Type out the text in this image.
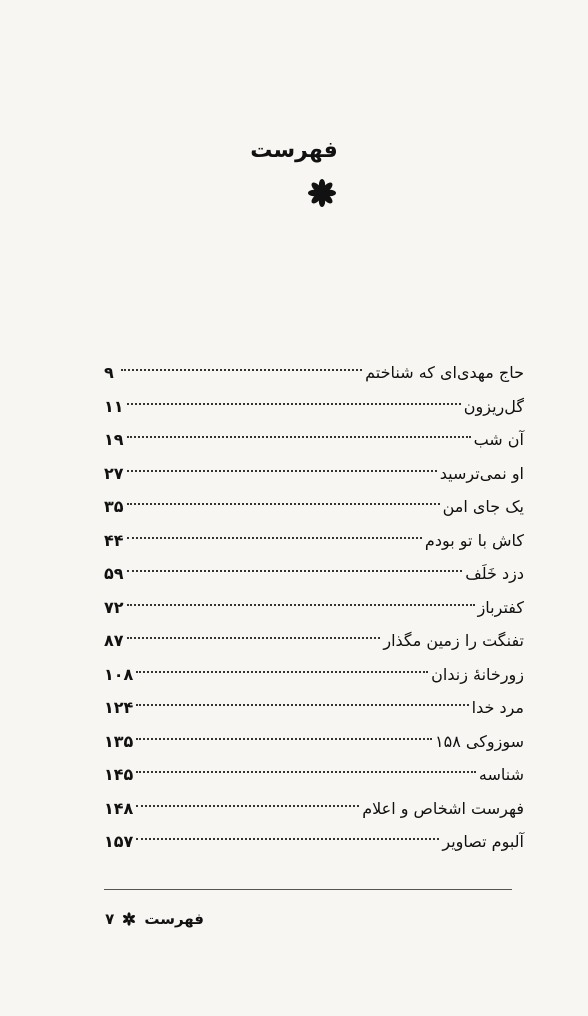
فهرست
حاج مهدی‌ای که شناختم
۹
گل‌ریزون
۱۱
آن شب
۱۹
او نمی‌ترسید
۲۷
یک جای امن
۳۵
کاش با تو بودم
۴۴
دزد خَلَف
۵۹
کفترباز
۷۲
تفنگت را زمین مگذار
۸۷
زورخانهٔ زندان
۱۰۸
مرد خدا
۱۲۴
سوزوکی ۱۵۸
۱۳۵
شناسه
۱۴۵
فهرست اشخاص و اعلام
۱۴۸
آلبوم تصاویر
۱۵۷
فهرست
۷
